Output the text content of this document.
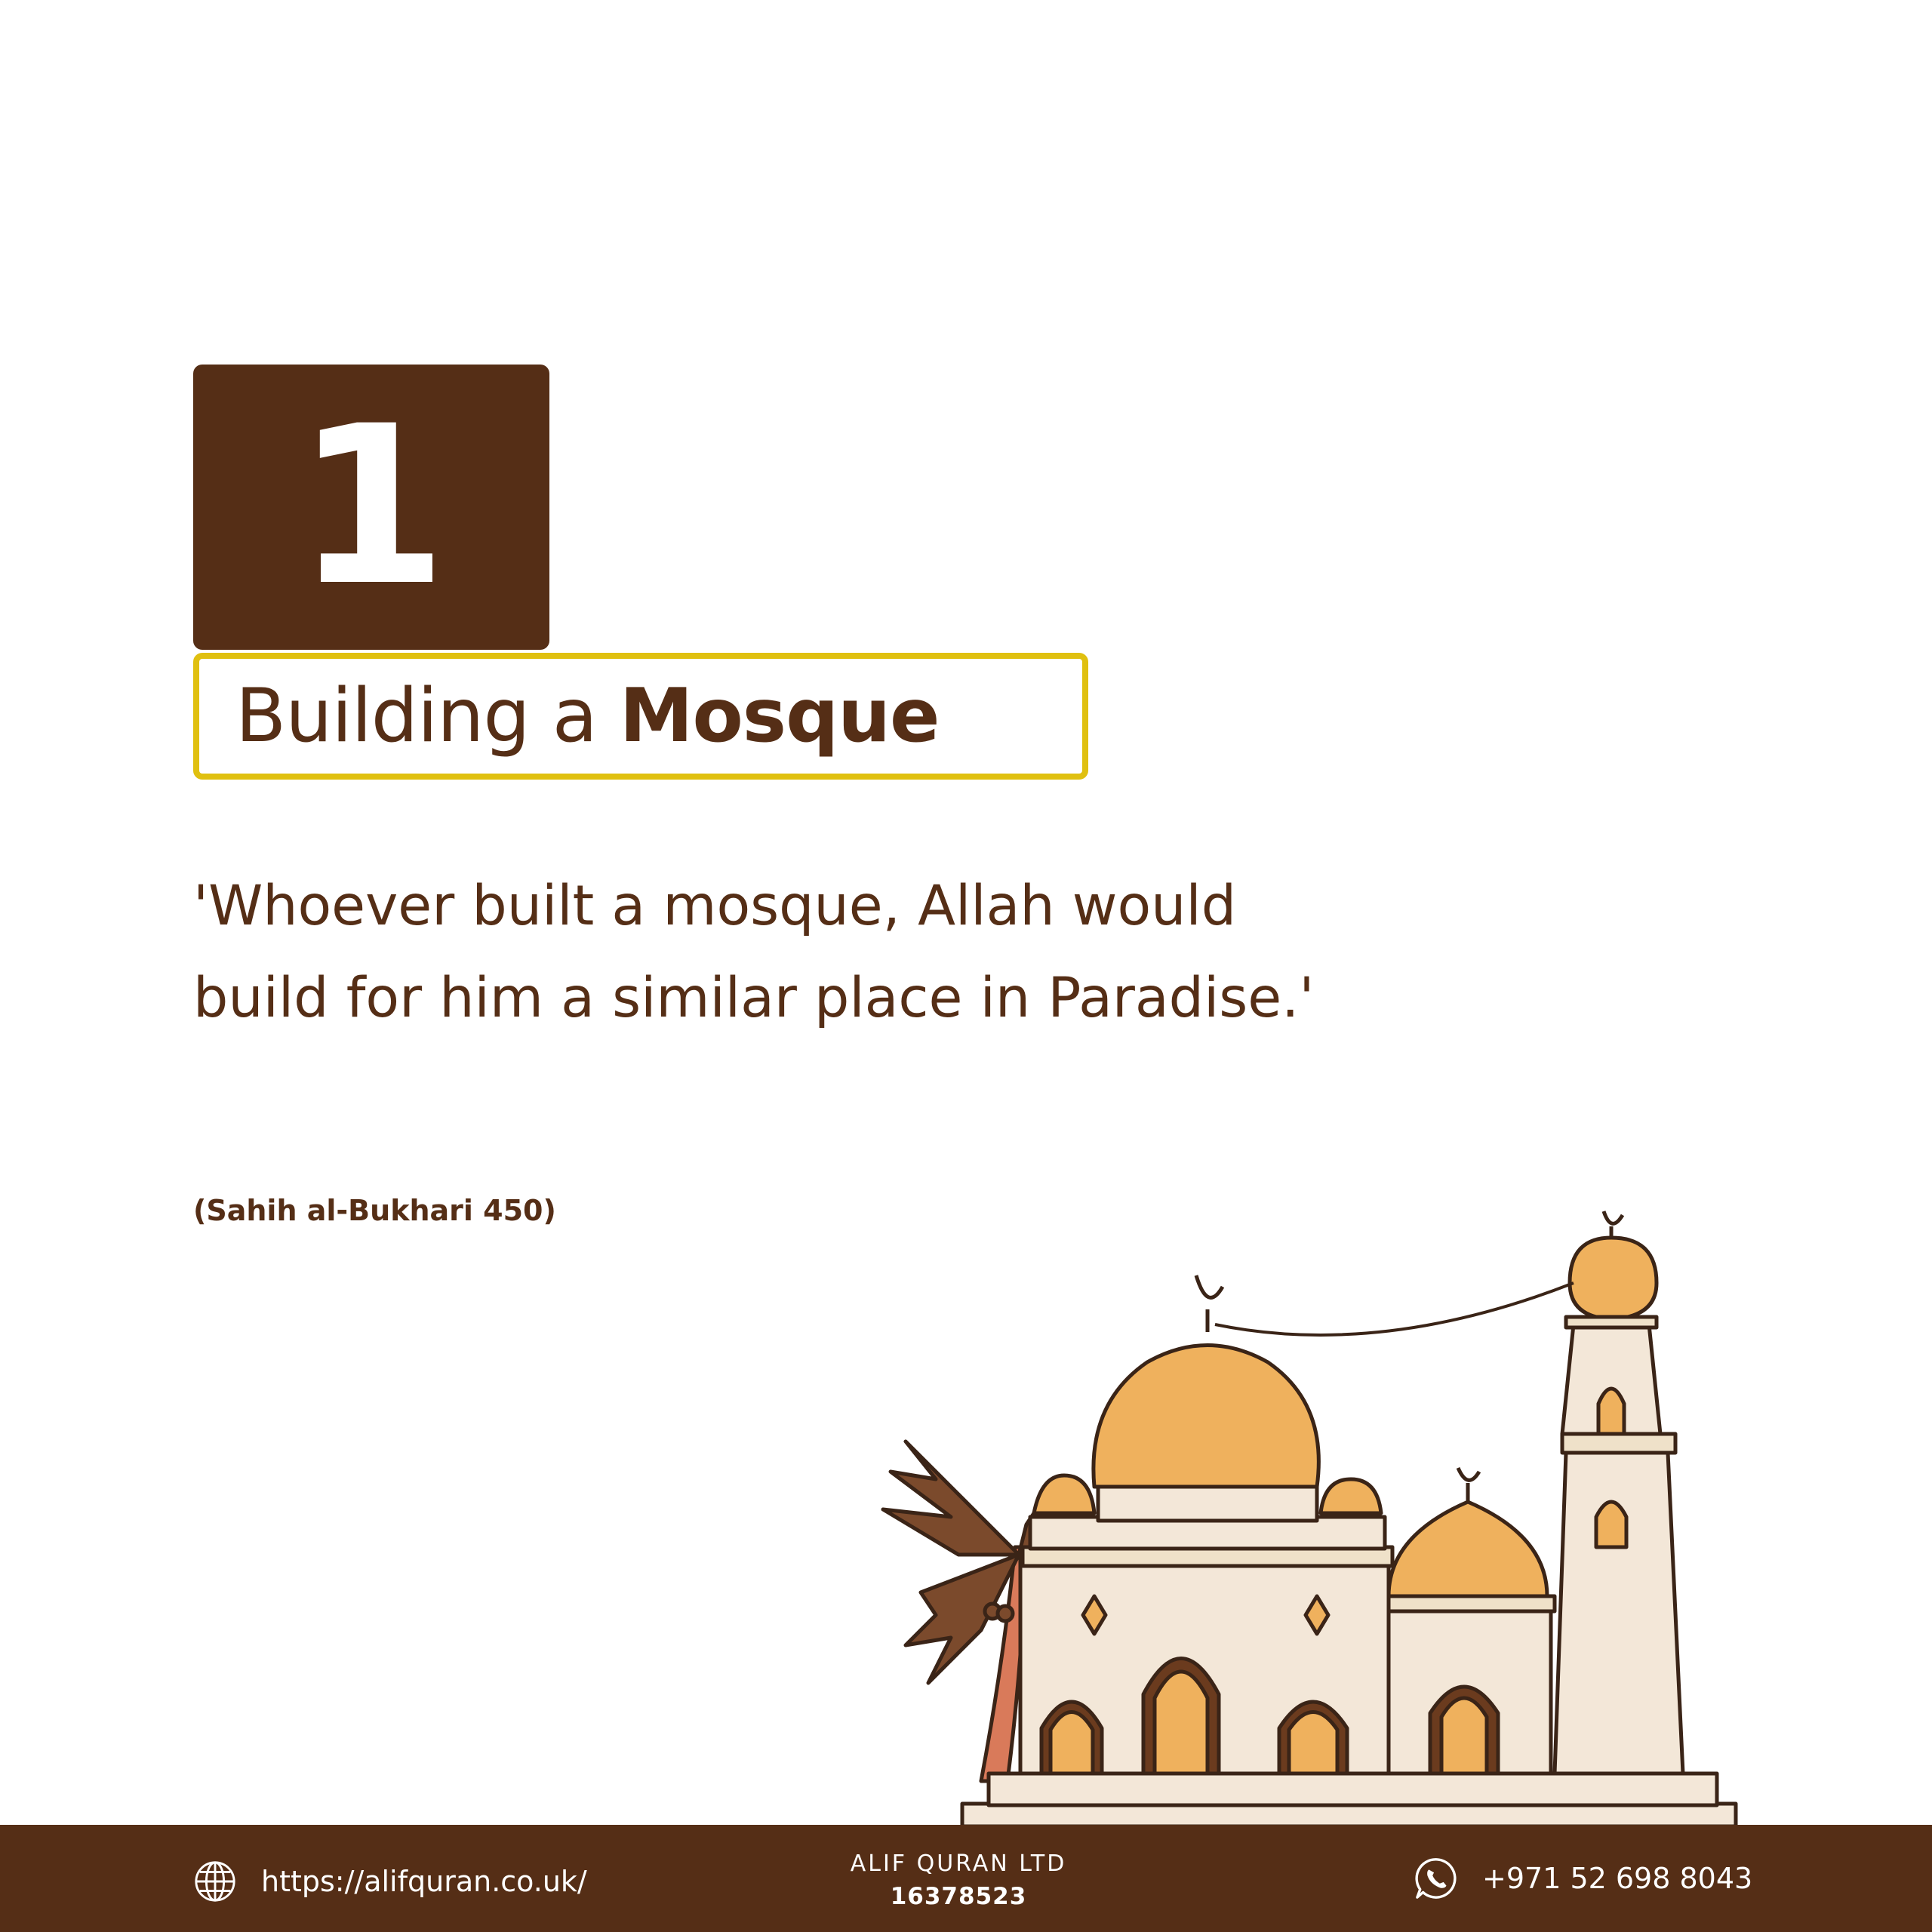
1
Building a Mosque

'Whoever built a mosque, Allah would build for him a similar place in Paradise.'

(Sahih al-Bukhari 450)
https://alifquran.co.uk/
ALIF QURAN LTD
16378523
+971 52 698 8043
